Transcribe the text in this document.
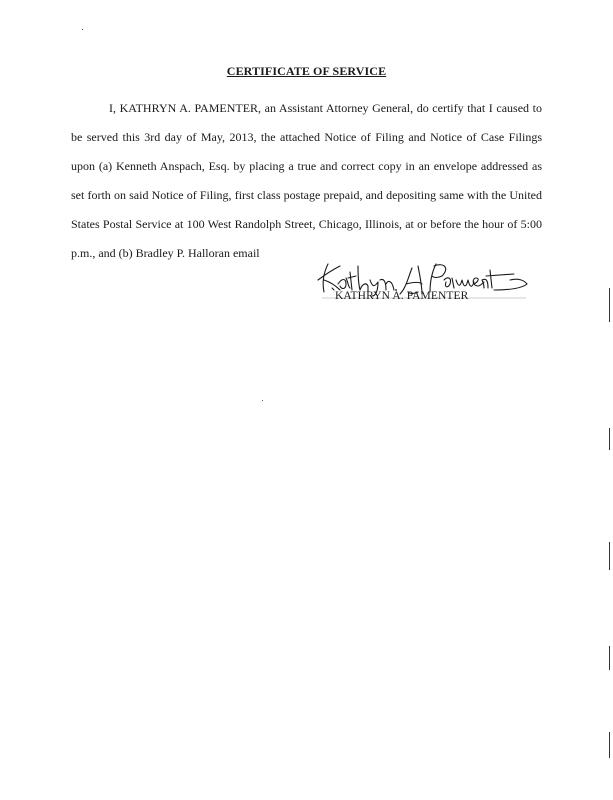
CERTIFICATE OF SERVICE

I, KATHRYN A. PAMENTER, an Assistant Attorney General, do certify that I caused to be served this 3rd day of May, 2013, the attached Notice of Filing and Notice of Case Filings upon (a) Kenneth Anspach, Esq. by placing a true and correct copy in an envelope addressed as set forth on said Notice of Filing, first class postage prepaid, and depositing same with the United States Postal Service at 100 West Randolph Street, Chicago, Illinois, at or before the hour of 5:00 p.m., and (b) Bradley P. Halloran email

KATHRYN A. PAMENTER
